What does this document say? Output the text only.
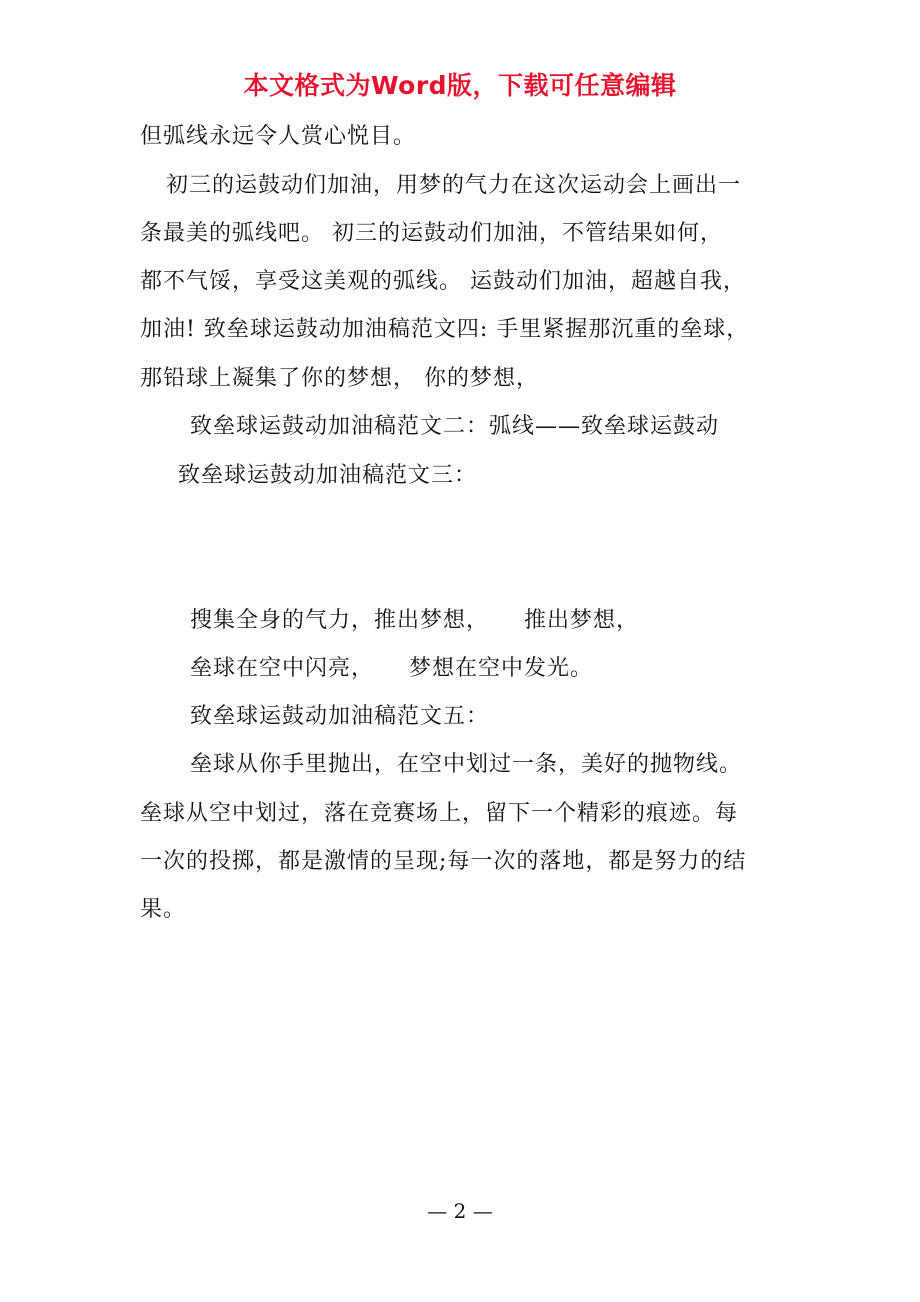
本文格式为Word版，下载可任意编辑
但弧线永远令人赏心悦目。
初三的运鼓动们加油，用梦的气力在这次运动会上画出一
条最美的弧线吧。 初三的运鼓动们加油，不管结果如何，
都不气馁，享受这美观的弧线。 运鼓动们加油，超越自我，
加油! 致垒球运鼓动加油稿范文四: 手里紧握那沉重的垒球，
那铅球上凝集了你的梦想， 你的梦想，
致垒球运鼓动加油稿范文二：弧线——致垒球运鼓动
致垒球运鼓动加油稿范文三：
搜集全身的气力，推出梦想，　　推出梦想，
垒球在空中闪亮，　　梦想在空中发光。
致垒球运鼓动加油稿范文五：
垒球从你手里抛出，在空中划过一条，美好的抛物线。
垒球从空中划过，落在竞赛场上，留下一个精彩的痕迹。每
一次的投掷，都是激情的呈现;每一次的落地，都是努力的结
果。
— 2 —
